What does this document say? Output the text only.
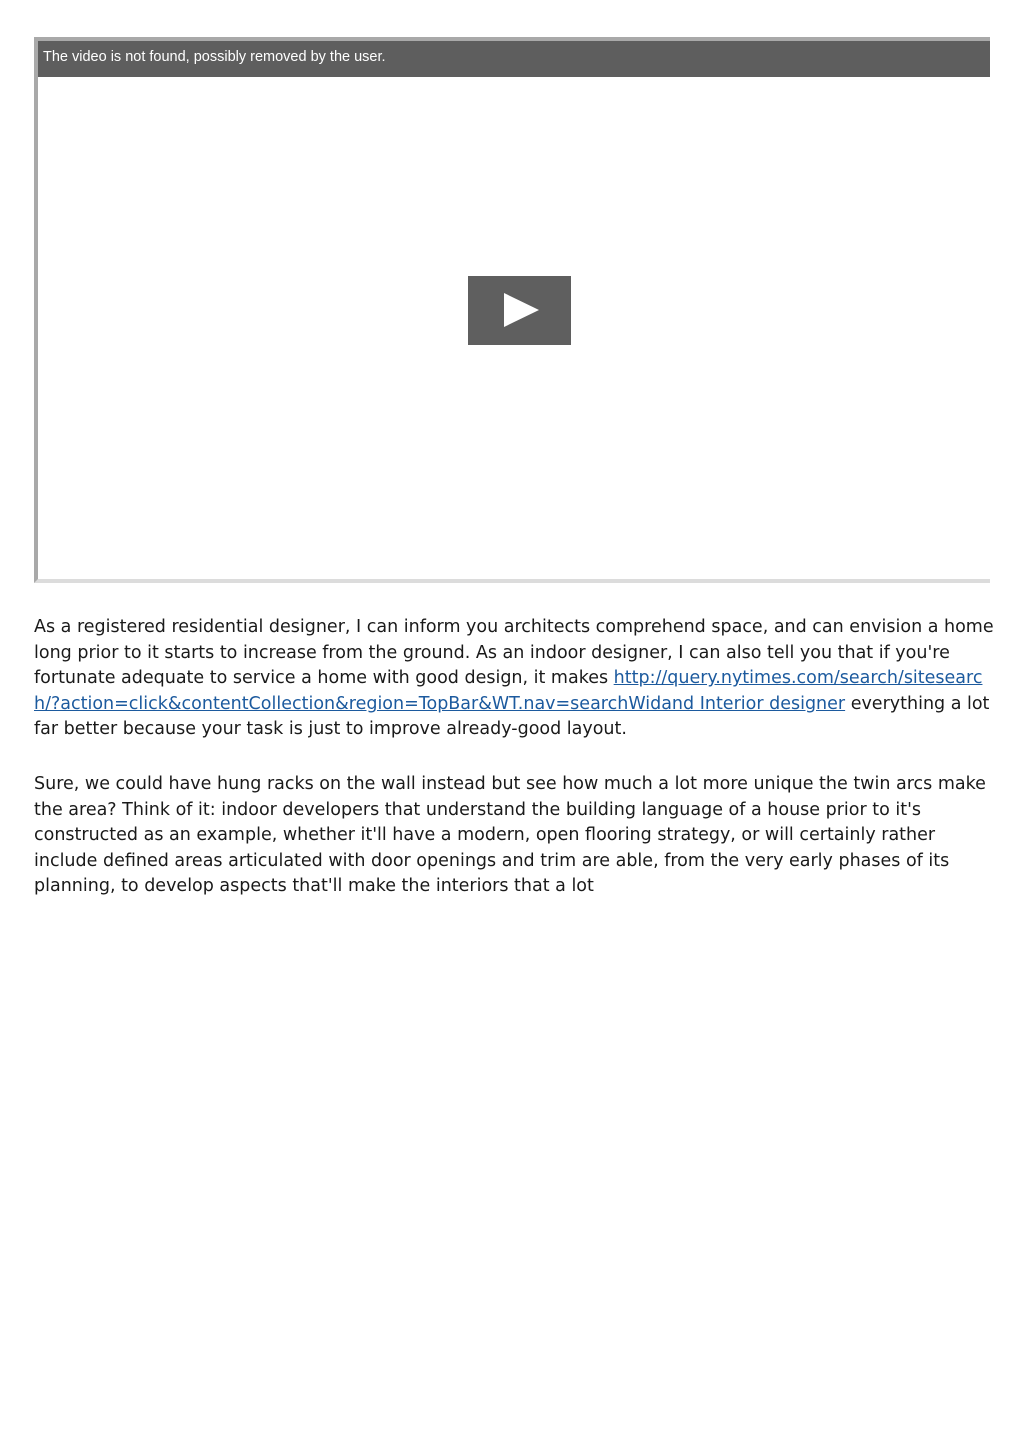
The video is not found, possibly removed by the user.

As a registered residential designer, I can inform you architects comprehend space, and can envision a home long prior to it starts to increase from the ground. As an indoor designer, I can also tell you that if you're fortunate adequate to service a home with good design, it makes http://query.nytimes.com/search/sitesearch/?action=click&contentCollection&region=TopBar&WT.nav=searchWidand Interior designer everything a lot far better because your task is just to improve already-good layout.

Sure, we could have hung racks on the wall instead but see how much a lot more unique the twin arcs make the area? Think of it: indoor developers that understand the building language of a house prior to it's constructed as an example, whether it'll have a modern, open flooring strategy, or will certainly rather include defined areas articulated with door openings and trim are able, from the very early phases of its planning, to develop aspects that'll make the interiors that a lot
